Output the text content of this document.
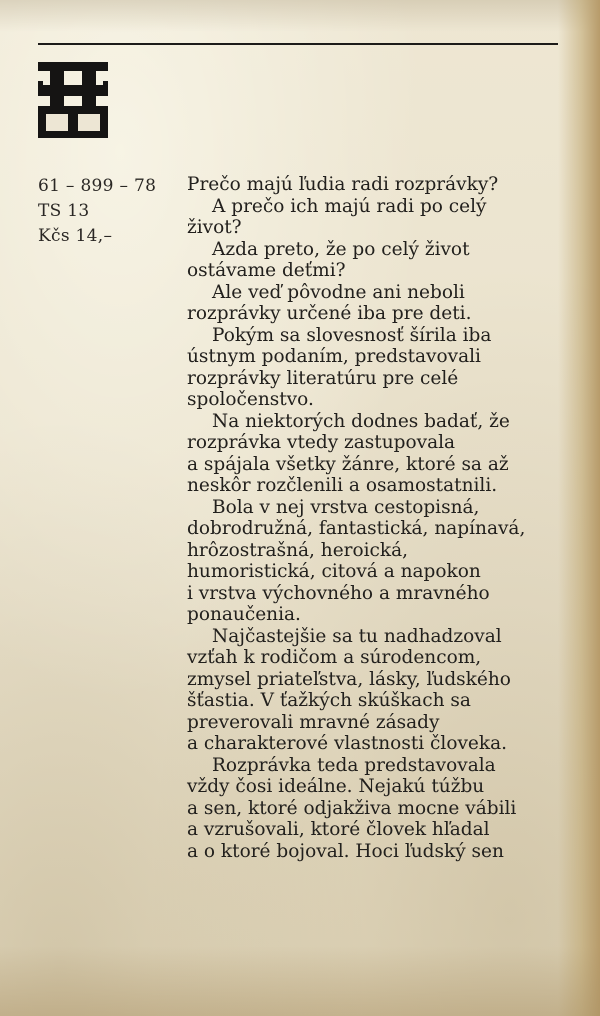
61 – 899 – 78
TS 13
Kčs 14,–
Prečo majú ľudia radi rozprávky?
A prečo ich majú radi po celý
život?
Azda preto, že po celý život
ostávame deťmi?
Ale veď pôvodne ani neboli
rozprávky určené iba pre deti.
Pokým sa slovesnosť šírila iba
ústnym podaním, predstavovali
rozprávky literatúru pre celé
spoločenstvo.
Na niektorých dodnes badať, že
rozprávka vtedy zastupovala
a spájala všetky žánre, ktoré sa až
neskôr rozčlenili a osamostatnili.
Bola v nej vrstva cestopisná,
dobrodružná, fantastická, napínavá,
hrôzostrašná, heroická,
humoristická, citová a napokon
i vrstva výchovného a mravného
ponaučenia.
Najčastejšie sa tu nadhadzoval
vzťah k rodičom a súrodencom,
zmysel priateľstva, lásky, ľudského
šťastia. V ťažkých skúškach sa
preverovali mravné zásady
a charakterové vlastnosti človeka.
Rozprávka teda predstavovala
vždy čosi ideálne. Nejakú túžbu
a sen, ktoré odjakživa mocne vábili
a vzrušovali, ktoré človek hľadal
a o ktoré bojoval. Hoci ľudský sen
